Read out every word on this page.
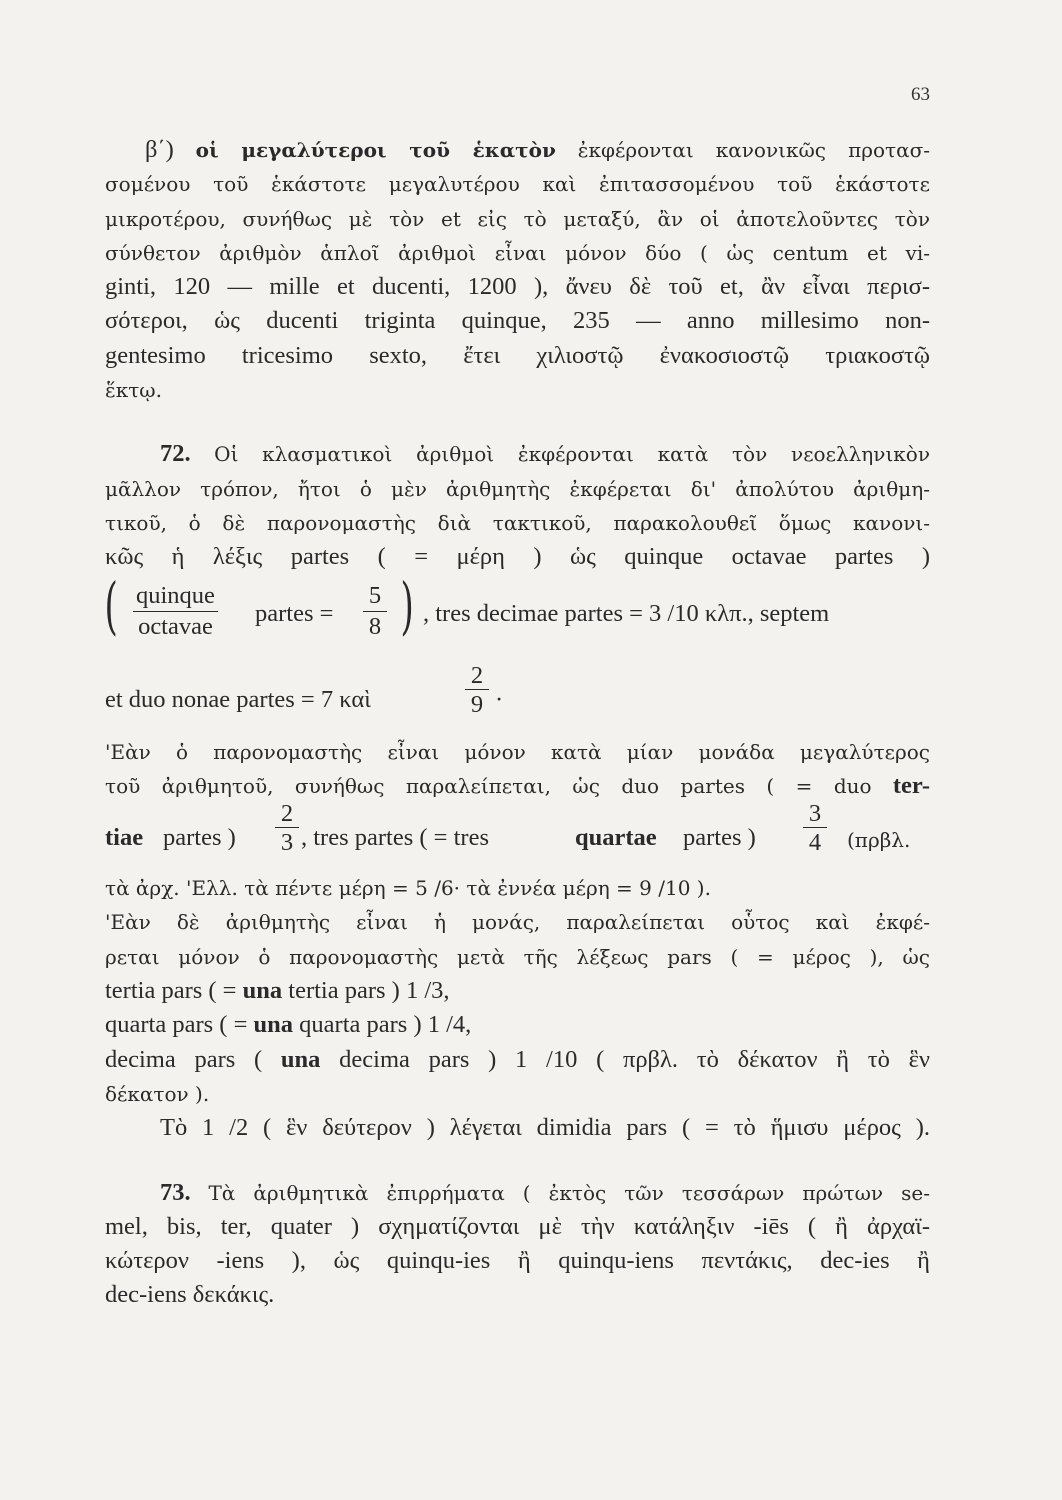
63

β΄) οἱ μεγαλύτεροι τοῦ ἑκατὸν ἐκφέρονται κανονικῶς προτασ-
σομένου τοῦ ἑκάστοτε μεγαλυτέρου καὶ ἐπιτασσομένου τοῦ ἑκάστοτε
μικροτέρου, συνήθως μὲ τὸν et εἰς τὸ μεταξύ, ἂν οἱ ἀποτελοῦντες τὸν
σύνθετον ἀριθμὸν ἁπλοῖ ἀριθμοὶ εἶναι μόνον δύο ( ὡς centum et vi-
ginti, 120 — mille et ducenti, 1200 ), ἄνευ δὲ τοῦ et, ἂν εἶναι περισ-
σότεροι, ὡς ducenti triginta quinque, 235 — anno millesimo non-
gentesimo tricesimo sexto, ἔτει χιλιοστῷ ἐνακοσιοστῷ τριακοστῷ
ἕκτῳ.

72. Οἱ κλασματικοὶ ἀριθμοὶ ἐκφέρονται κατὰ τὸν νεοελληνικὸν
μᾶλλον τρόπον, ἤτοι ὁ μὲν ἀριθμητὴς ἐκφέρεται δι' ἀπολύτου ἀριθμη-
τικοῦ, ὁ δὲ παρονομαστὴς διὰ τακτικοῦ, παρακολουθεῖ ὅμως κανονι-
κῶς ἡ λέξις partes ( = μέρη ) ὡς quinque octavae partes )

( quinque
octavae partes = $\frac{5}{8}$ ) , tres decimae partes = 3 /10 κλπ., septem
et duo nonae partes = 7 καὶ	$\frac{2}{9}$ ·

'Εὰν ὁ παρονομαστὴς εἶναι μόνον κατὰ μίαν μονάδα μεγαλύτερος
τοῦ ἀριθμητοῦ, συνήθως παραλείπεται, ὡς duo partes ( = duo ter-

tiae partes ) $\frac{2}{3}$ , tres partes ( = tres	quartae partes ) $\frac{3}{4} (\pi\rho\beta\lambda$.

τὰ ἀρχ. 'Ελλ. τὰ πέντε μέρη = 5 /6· τὰ ἐννέα μέρη = 9 /10 ).

'Εὰν δὲ ἀριθμητὴς εἶναι ἡ μονάς, παραλείπεται οὗτος καὶ ἐκφέ-
ρεται μόνον ὁ παρονομαστὴς μετὰ τῆς λέξεως pars ( = μέρος ), ὡς
tertia pars ( = una tertia pars ) 1 /3,
quarta pars ( = una quarta pars ) 1 /4,
decima pars ( una decima pars ) 1 /10 ( πρβλ. τὸ δέκατον ἢ τὸ ἓν
δέκατον ).

Τὸ 1 /2 ( ἓν δεύτερον ) λέγεται dimidia pars ( = τὸ ἥμισυ μέρος ).

73. Τὰ ἀριθμητικὰ ἐπιρρήματα ( ἐκτὸς τῶν τεσσάρων πρώτων se-
mel, bis, ter, quater ) σχηματίζονται μὲ τὴν κατάληξιν -iēs ( ἢ ἀρχαϊ-
κώτερον -iens ), ὡς quinqu-ies ἢ quinqu-iens πεντάκις, dec-ies ἢ
dec-iens δεκάκις.
